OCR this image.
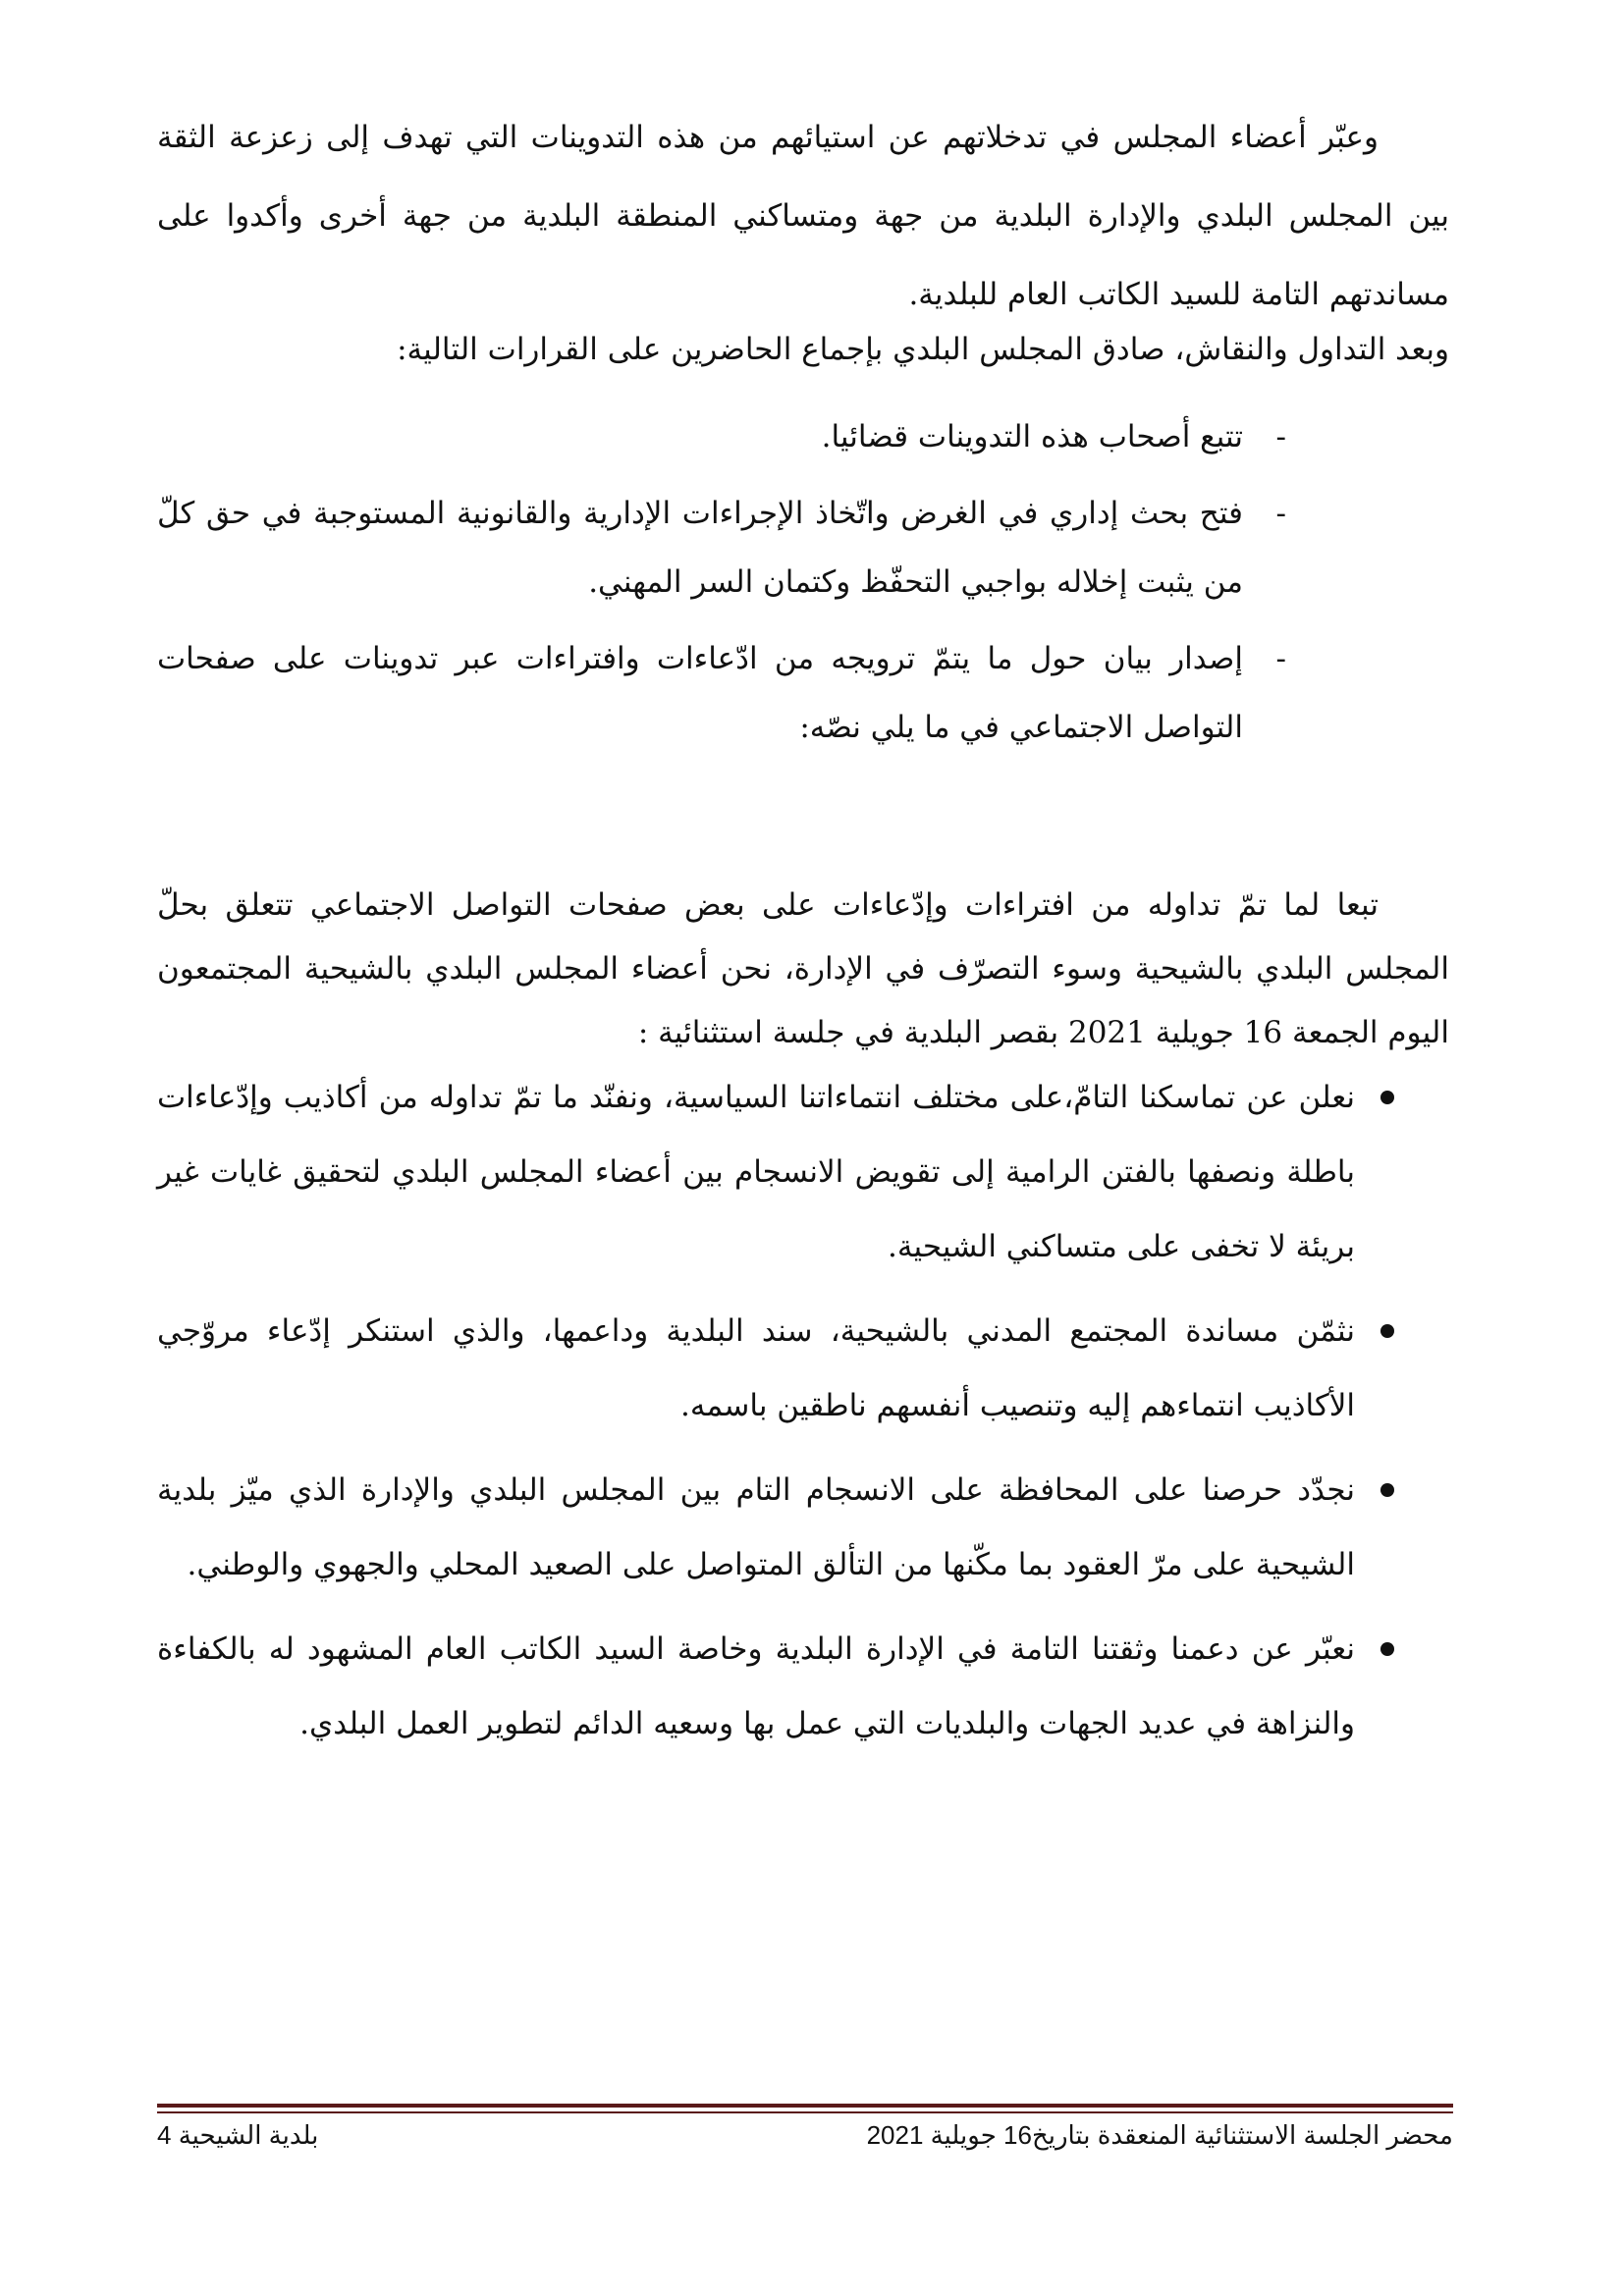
وعبّر أعضاء المجلس في تدخلاتهم عن استيائهم من هذه التدوينات التي تهدف إلى زعزعة الثقة بين المجلس البلدي والإدارة البلدية من جهة ومتساكني المنطقة البلدية من جهة أخرى وأكدوا على مساندتهم التامة للسيد الكاتب العام للبلدية.

وبعد التداول والنقاش، صادق المجلس البلدي بإجماع الحاضرين على القرارات التالية:

-
تتبع أصحاب هذه التدوينات قضائيا.
-
فتح بحث إداري في الغرض واتّخاذ الإجراءات الإدارية والقانونية المستوجبة في حق كلّ من يثبت إخلاله بواجبي التحفّظ وكتمان السر المهني.
-
إصدار بيان حول ما يتمّ ترويجه من ادّعاءات وافتراءات عبر تدوينات على صفحات التواصل الاجتماعي في ما يلي نصّه:

تبعا لما تمّ تداوله من افتراءات وإدّعاءات على بعض صفحات التواصل الاجتماعي تتعلق بحلّ المجلس البلدي بالشيحية وسوء التصرّف في الإدارة، نحن أعضاء المجلس البلدي بالشيحية المجتمعون اليوم الجمعة 16 جويلية 2021 بقصر البلدية في جلسة استثنائية :

نعلن عن تماسكنا التامّ،على مختلف انتماءاتنا السياسية، ونفنّد ما تمّ تداوله من أكاذيب وإدّعاءات باطلة ونصفها بالفتن الرامية إلى تقويض الانسجام بين أعضاء المجلس البلدي لتحقيق غايات غير بريئة لا تخفى على متساكني الشيحية.
نثمّن مساندة المجتمع المدني بالشيحية، سند البلدية وداعمها، والذي استنكر إدّعاء مروّجي الأكاذيب انتماءهم إليه وتنصيب أنفسهم ناطقين باسمه.
نجدّد حرصنا على المحافظة على الانسجام التام بين المجلس البلدي والإدارة الذي ميّز بلدية الشيحية على مرّ العقود بما مكّنها من التألق المتواصل على الصعيد المحلي والجهوي والوطني.
نعبّر عن دعمنا وثقتنا التامة في الإدارة البلدية وخاصة السيد الكاتب العام المشهود له بالكفاءة والنزاهة في عديد الجهات والبلديات التي عمل بها وسعيه الدائم لتطوير العمل البلدي.
محضر الجلسة الاستثنائية المنعقدة بتاريخ16 جويلية 2021
بلدية الشيحية 4
